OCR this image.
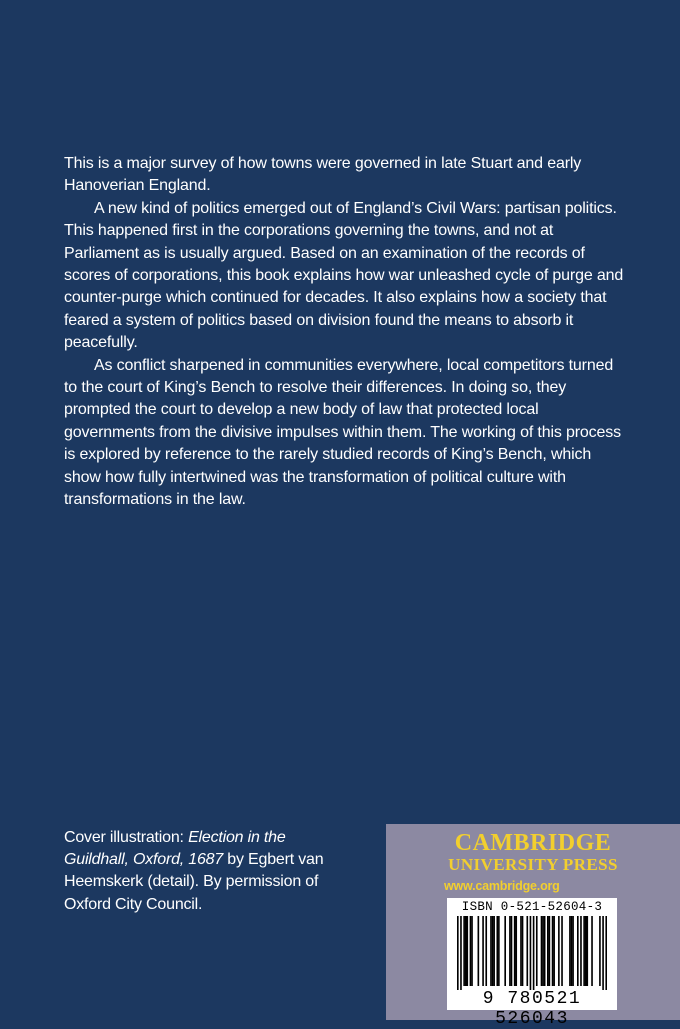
This is a major survey of how towns were governed in late Stuart and early Hanoverian England.

A new kind of politics emerged out of England’s Civil Wars: partisan politics. This happened first in the corporations governing the towns, and not at Parliament as is usually argued. Based on an examination of the records of scores of corporations, this book explains how war unleashed cycle of purge and counter-purge which continued for decades. It also explains how a society that feared a system of politics based on division found the means to absorb it peacefully.

As conflict sharpened in communities everywhere, local competitors turned to the court of King’s Bench to resolve their differences. In doing so, they prompted the court to develop a new body of law that protected local governments from the divisive impulses within them. The working of this process is explored by reference to the rarely studied records of King’s Bench, which show how fully intertwined was the transformation of political culture with transformations in the law.

Cover illustration: Election in the Guildhall, Oxford, 1687 by Egbert van Heemskerk (detail). By permission of Oxford City Council.
CAMBRIDGE
UNIVERSITY PRESS
www.cambridge.org
ISBN 0-521-52604-3
9 780521 526043
